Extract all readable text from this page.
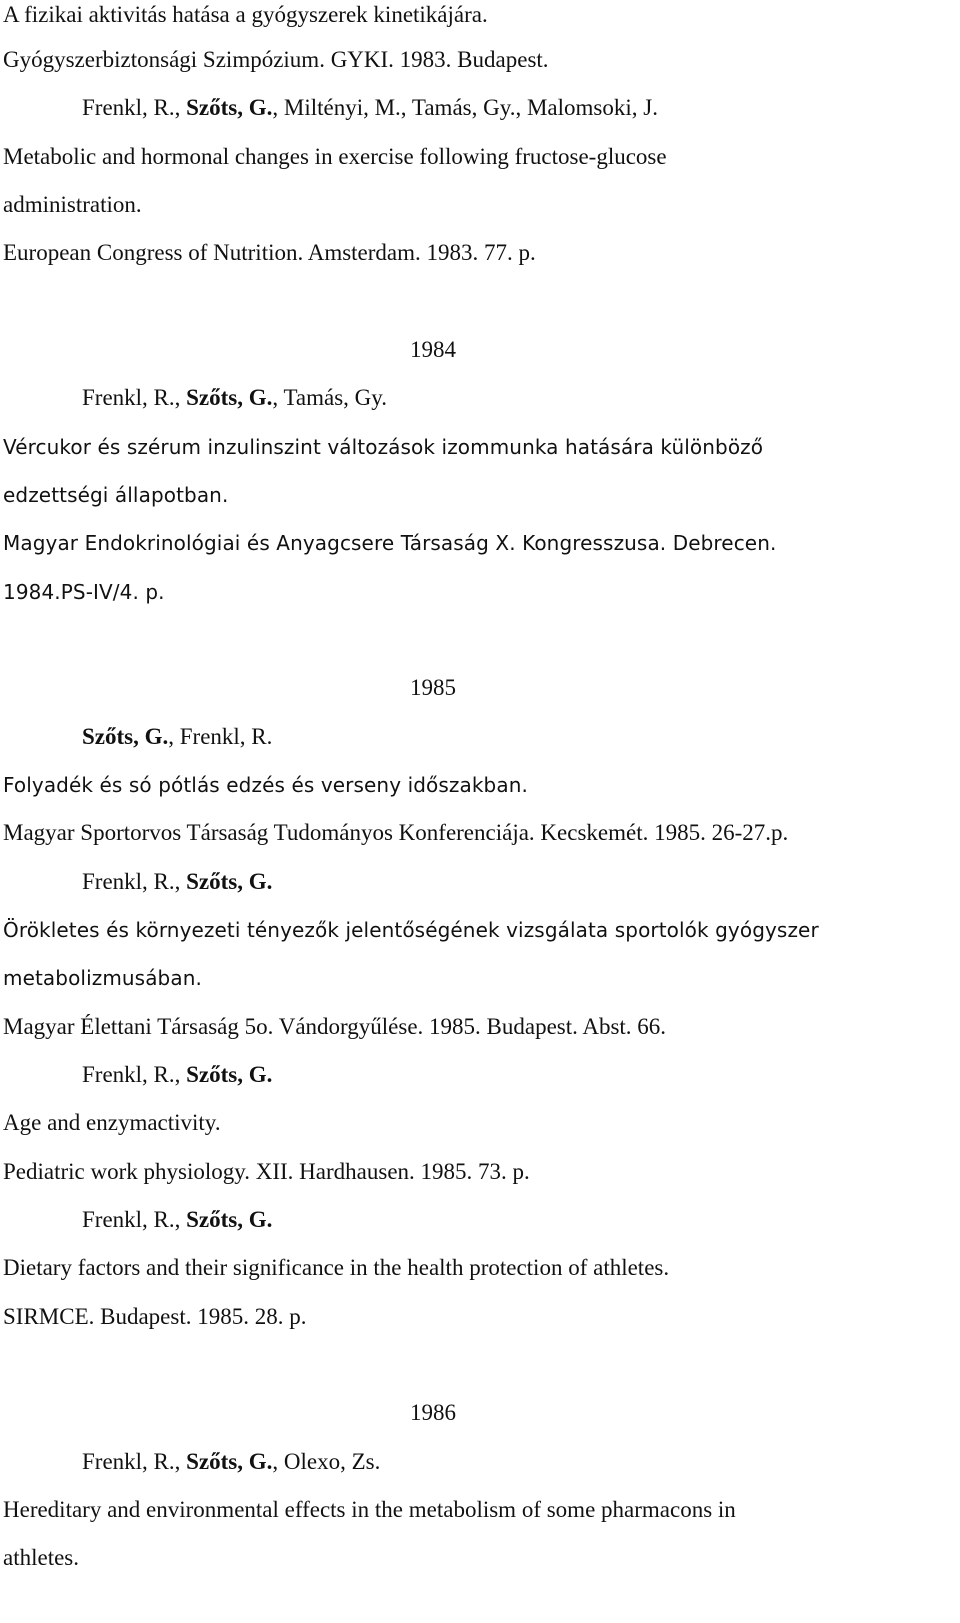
A fizikai aktivitás hatása a gyógyszerek kinetikájára.
Gyógyszerbiztonsági Szimpózium. GYKI. 1983. Budapest.
Frenkl, R., Szőts, G., Miltényi, M., Tamás, Gy., Malomsoki, J.
Metabolic and hormonal changes in exercise following fructose-glucose
administration.
European Congress of Nutrition. Amsterdam. 1983. 77. p.
1984
Frenkl, R., Szőts, G., Tamás, Gy.
Vércukor és szérum inzulinszint változások izommunka hatására különböző
edzettségi állapotban.
Magyar Endokrinológiai és Anyagcsere Társaság X. Kongresszusa. Debrecen.
1984.PS-IV/4. p.
1985
Szőts, G., Frenkl, R.
Folyadék és só pótlás edzés és verseny időszakban.
Magyar Sportorvos Társaság Tudományos Konferenciája. Kecskemét. 1985. 26-27.p.
Frenkl, R., Szőts, G.
Örökletes és környezeti tényezők jelentőségének vizsgálata sportolók gyógyszer
metabolizmusában.
Magyar Élettani Társaság 5o. Vándorgyűlése. 1985. Budapest. Abst. 66.
Frenkl, R., Szőts, G.
Age and enzymactivity.
Pediatric work physiology. XII. Hardhausen. 1985. 73. p.
Frenkl, R., Szőts, G.
Dietary factors and their significance in the health protection of athletes.
SIRMCE. Budapest. 1985. 28. p.
1986
Frenkl, R., Szőts, G., Olexo, Zs.
Hereditary and environmental effects in the metabolism of some pharmacons in
athletes.
